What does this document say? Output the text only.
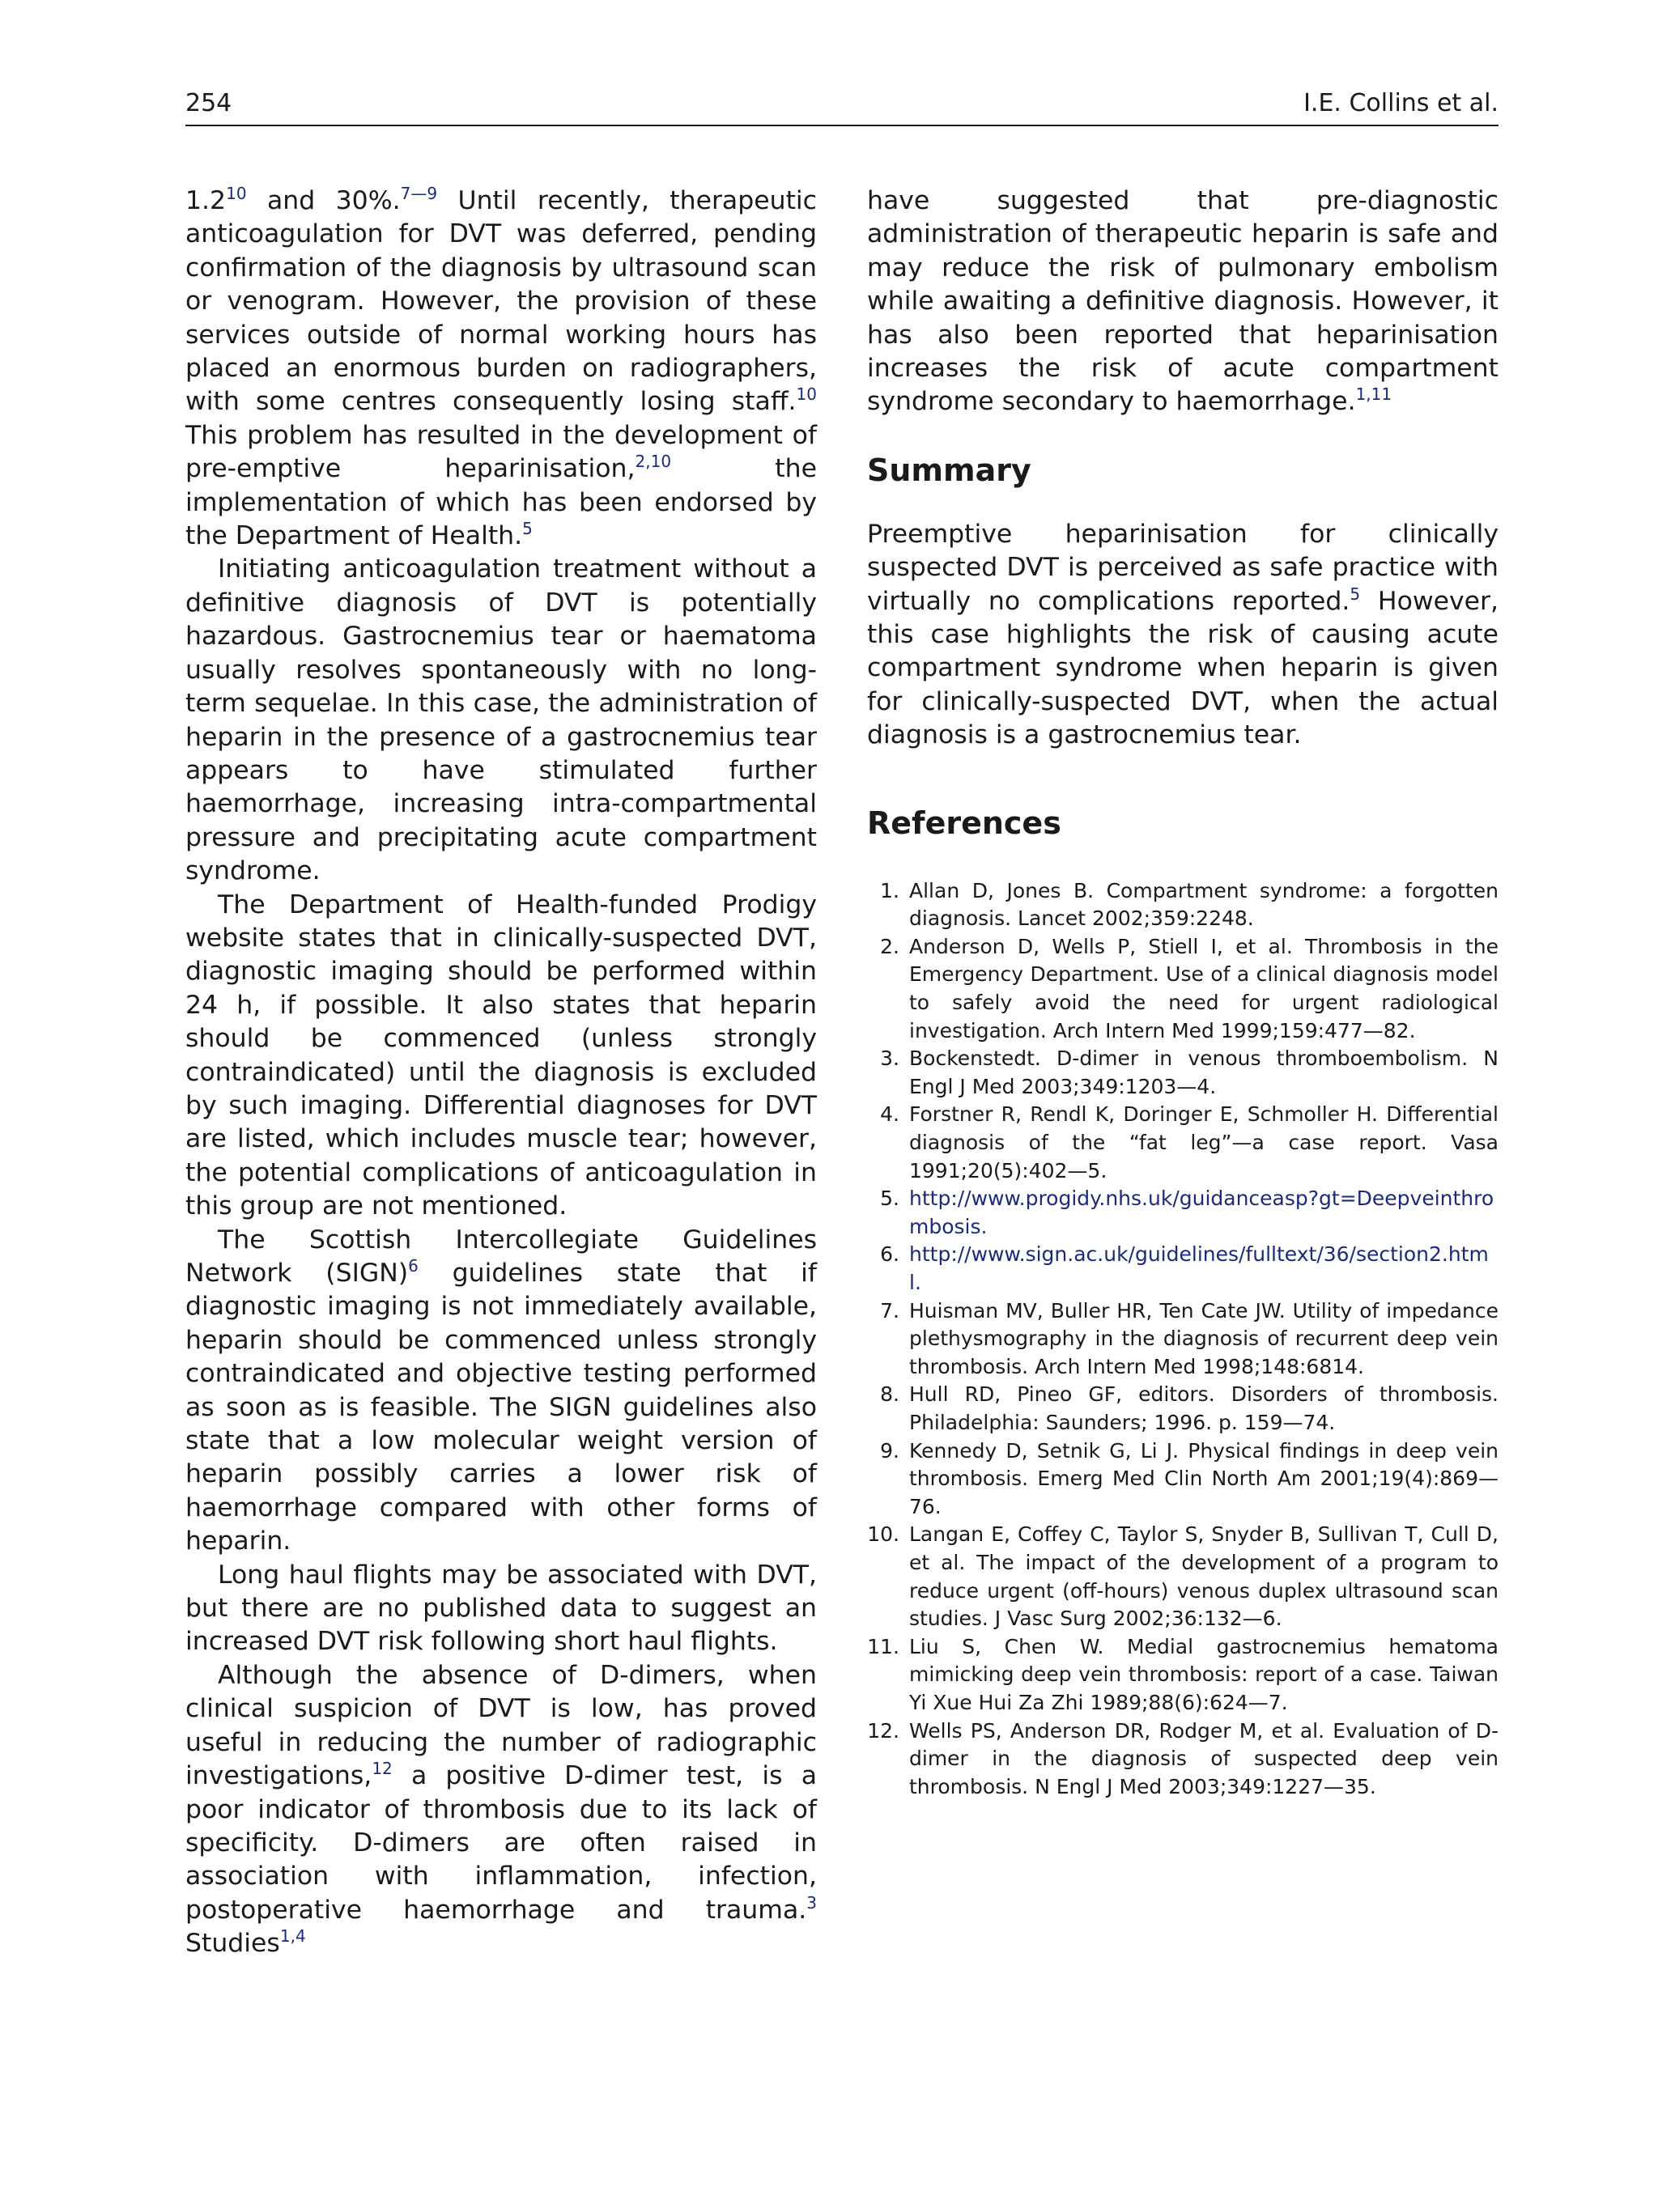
254	I.E. Collins et al.

$1.2^{10}$ and 30%.$^{7—9}$ Until recently, therapeutic anticoagulation for DVT was deferred, pending confirmation of the diagnosis by ultrasound scan or venogram. However, the provision of these services outside of normal working hours has placed an enormous burden on radiographers, with some centres consequently losing staff.$^{10}$ This problem has resulted in the development of pre-emptive heparinisation,$^{2,10}$ the implementation of which has been endorsed by the Department of Health.$^5$

Initiating anticoagulation treatment without a definitive diagnosis of DVT is potentially hazardous. Gastrocnemius tear or haematoma usually resolves spontaneously with no long-term sequelae. In this case, the administration of heparin in the presence of a gastrocnemius tear appears to have stimulated further haemorrhage, increasing intra-compartmental pressure and precipitating acute compartment syndrome.

The Department of Health-funded Prodigy website states that in clinically-suspected DVT, diagnostic imaging should be performed within 24 h, if possible. It also states that heparin should be commenced (unless strongly contraindicated) until the diagnosis is excluded by such imaging. Differential diagnoses for DVT are listed, which includes muscle tear; however, the potential complications of anticoagulation in this group are not mentioned.

The Scottish Intercollegiate Guidelines Network (SIGN)$^6$ guidelines state that if diagnostic imaging is not immediately available, heparin should be commenced unless strongly contraindicated and objective testing performed as soon as is feasible. The SIGN guidelines also state that a low molecular weight version of heparin possibly carries a lower risk of haemorrhage compared with other forms of heparin.

Long haul flights may be associated with DVT, but there are no published data to suggest an increased DVT risk following short haul flights.

Although the absence of D-dimers, when clinical suspicion of DVT is low, has proved useful in reducing the number of radiographic investigations,$^{12}$ a positive D-dimer test, is a poor indicator of thrombosis due to its lack of specificity. D-dimers are often raised in association with inflammation, infection, postoperative haemorrhage and trauma.$^3$ Studies$^{1,4}$

have suggested that pre-diagnostic administration of therapeutic heparin is safe and may reduce the risk of pulmonary embolism while awaiting a definitive diagnosis. However, it has also been reported that heparinisation increases the risk of acute compartment syndrome secondary to haemorrhage.$^{1,11}$

Summary

Preemptive heparinisation for clinically suspected DVT is perceived as safe practice with virtually no complications reported.$^5$ However, this case highlights the risk of causing acute compartment syndrome when heparin is given for clinically-suspected DVT, when the actual diagnosis is a gastrocnemius tear.

References
1. Allan D, Jones B. Compartment syndrome: a forgotten diagnosis. Lancet 2002;359:2248.
2. Anderson D, Wells P, Stiell I, et al. Thrombosis in the Emergency Department. Use of a clinical diagnosis model to safely avoid the need for urgent radiological investigation. Arch Intern Med 1999;159:477—82.
3. Bockenstedt. D-dimer in venous thromboembolism. N Engl J Med 2003;349:1203—4.
4. Forstner R, Rendl K, Doringer E, Schmoller H. Differential diagnosis of the “fat leg”—a case report. Vasa 1991;20(5):402—5.
5. http://www.progidy.nhs.uk/guidanceasp?gt=Deepveinthrombosis.
6. http://www.sign.ac.uk/guidelines/fulltext/36/section2.html.
7. Huisman MV, Buller HR, Ten Cate JW. Utility of impedance plethysmography in the diagnosis of recurrent deep vein thrombosis. Arch Intern Med 1998;148:6814.
8. Hull RD, Pineo GF, editors. Disorders of thrombosis. Philadelphia: Saunders; 1996. p. 159—74.
9. Kennedy D, Setnik G, Li J. Physical findings in deep vein thrombosis. Emerg Med Clin North Am 2001;19(4):869—76.
10. Langan E, Coffey C, Taylor S, Snyder B, Sullivan T, Cull D, et al. The impact of the development of a program to reduce urgent (off-hours) venous duplex ultrasound scan studies. J Vasc Surg 2002;36:132—6.
11. Liu S, Chen W. Medial gastrocnemius hematoma mimicking deep vein thrombosis: report of a case. Taiwan Yi Xue Hui Za Zhi 1989;88(6):624—7.
12. Wells PS, Anderson DR, Rodger M, et al. Evaluation of D-dimer in the diagnosis of suspected deep vein thrombosis. N Engl J Med 2003;349:1227—35.
